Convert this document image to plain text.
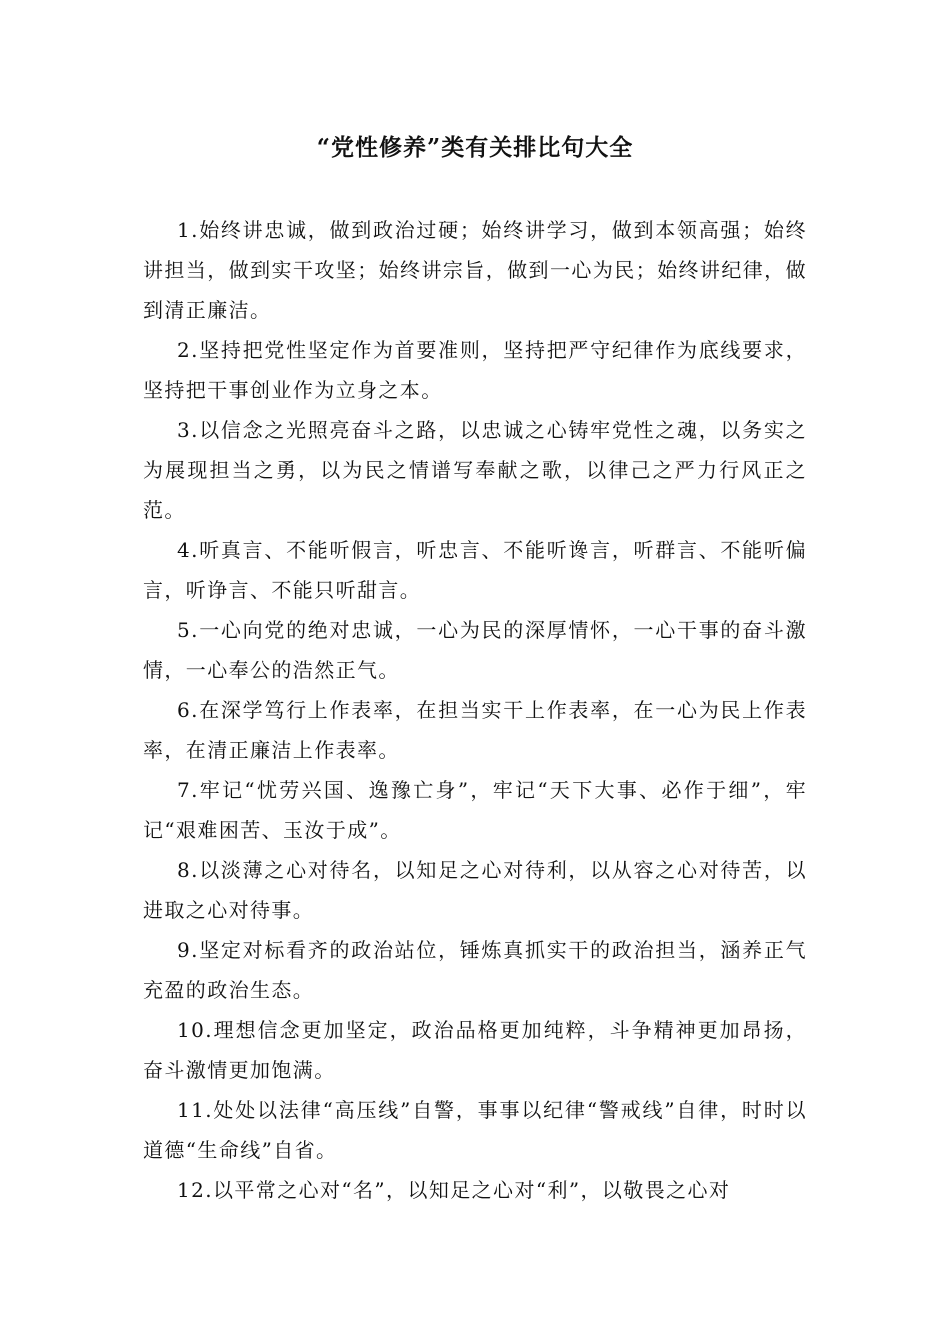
“党性修养”类有关排比句大全

1.始终讲忠诚，做到政治过硬；始终讲学习，做到本领高强；始终讲担当，做到实干攻坚；始终讲宗旨，做到一心为民；始终讲纪律，做到清正廉洁。

2.坚持把党性坚定作为首要准则，坚持把严守纪律作为底线要求，坚持把干事创业作为立身之本。

3.以信念之光照亮奋斗之路，以忠诚之心铸牢党性之魂，以务实之为展现担当之勇，以为民之情谱写奉献之歌，以律己之严力行风正之范。

4.听真言、不能听假言，听忠言、不能听谗言，听群言、不能听偏言，听诤言、不能只听甜言。

5.一心向党的绝对忠诚，一心为民的深厚情怀，一心干事的奋斗激情，一心奉公的浩然正气。

6.在深学笃行上作表率，在担当实干上作表率，在一心为民上作表率，在清正廉洁上作表率。

7.牢记“忧劳兴国、逸豫亡身”，牢记“天下大事、必作于细”，牢记“艰难困苦、玉汝于成”。

8.以淡薄之心对待名，以知足之心对待利，以从容之心对待苦，以进取之心对待事。

9.坚定对标看齐的政治站位，锤炼真抓实干的政治担当，涵养正气充盈的政治生态。

10.理想信念更加坚定，政治品格更加纯粹，斗争精神更加昂扬，奋斗激情更加饱满。

11.处处以法律“高压线”自警，事事以纪律“警戒线”自律，时时以道德“生命线”自省。

12.以平常之心对“名”，以知足之心对“利”，以敬畏之心对
